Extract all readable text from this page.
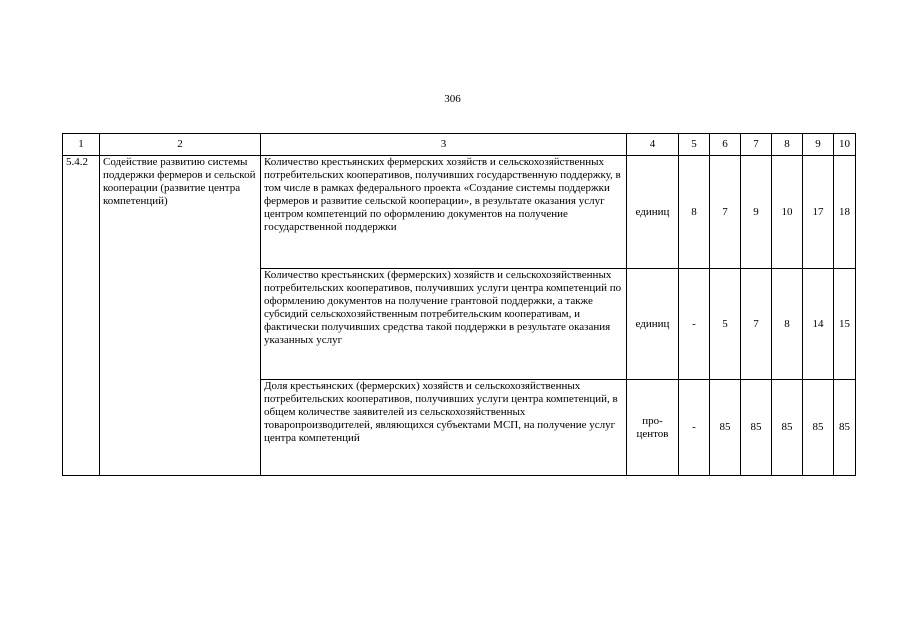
306
1	2	3	4	5	6	7	8	9	10
5.4.2	Содействие развитию системы поддержки фермеров и сельской кооперации (развитие центра компетенций)	Количество крестьянских фермерских хозяйств и сельскохозяйственных потребительских кооперативов, получивших государственную поддержку, в том числе в рамках федерального проекта «Создание системы поддержки фермеров и развитие сельской кооперации», в результате оказания услуг центром компетенций по оформлению документов на получение государственной поддержки	единиц	8	7	9	10	17	18
		Количество крестьянских (фермерских) хозяйств и сельскохозяйственных потребительских кооперативов, получивших услуги центра компетенций по оформлению документов на получение грантовой поддержки, а также субсидий сельскохозяйственным потребительским кооперативам, и фактически получивших средства такой поддержки в результате оказания указанных услуг	единиц	-	5	7	8	14	15
		Доля крестьянских (фермерских) хозяйств и сельскохозяйственных потребительских кооперативов, получивших услуги центра компетенций, в общем количестве заявителей из сельскохозяйственных товаропроизводителей, являющихся субъектами МСП, на получение услуг центра компетенций	про-
центов	-	85	85	85	85	85
